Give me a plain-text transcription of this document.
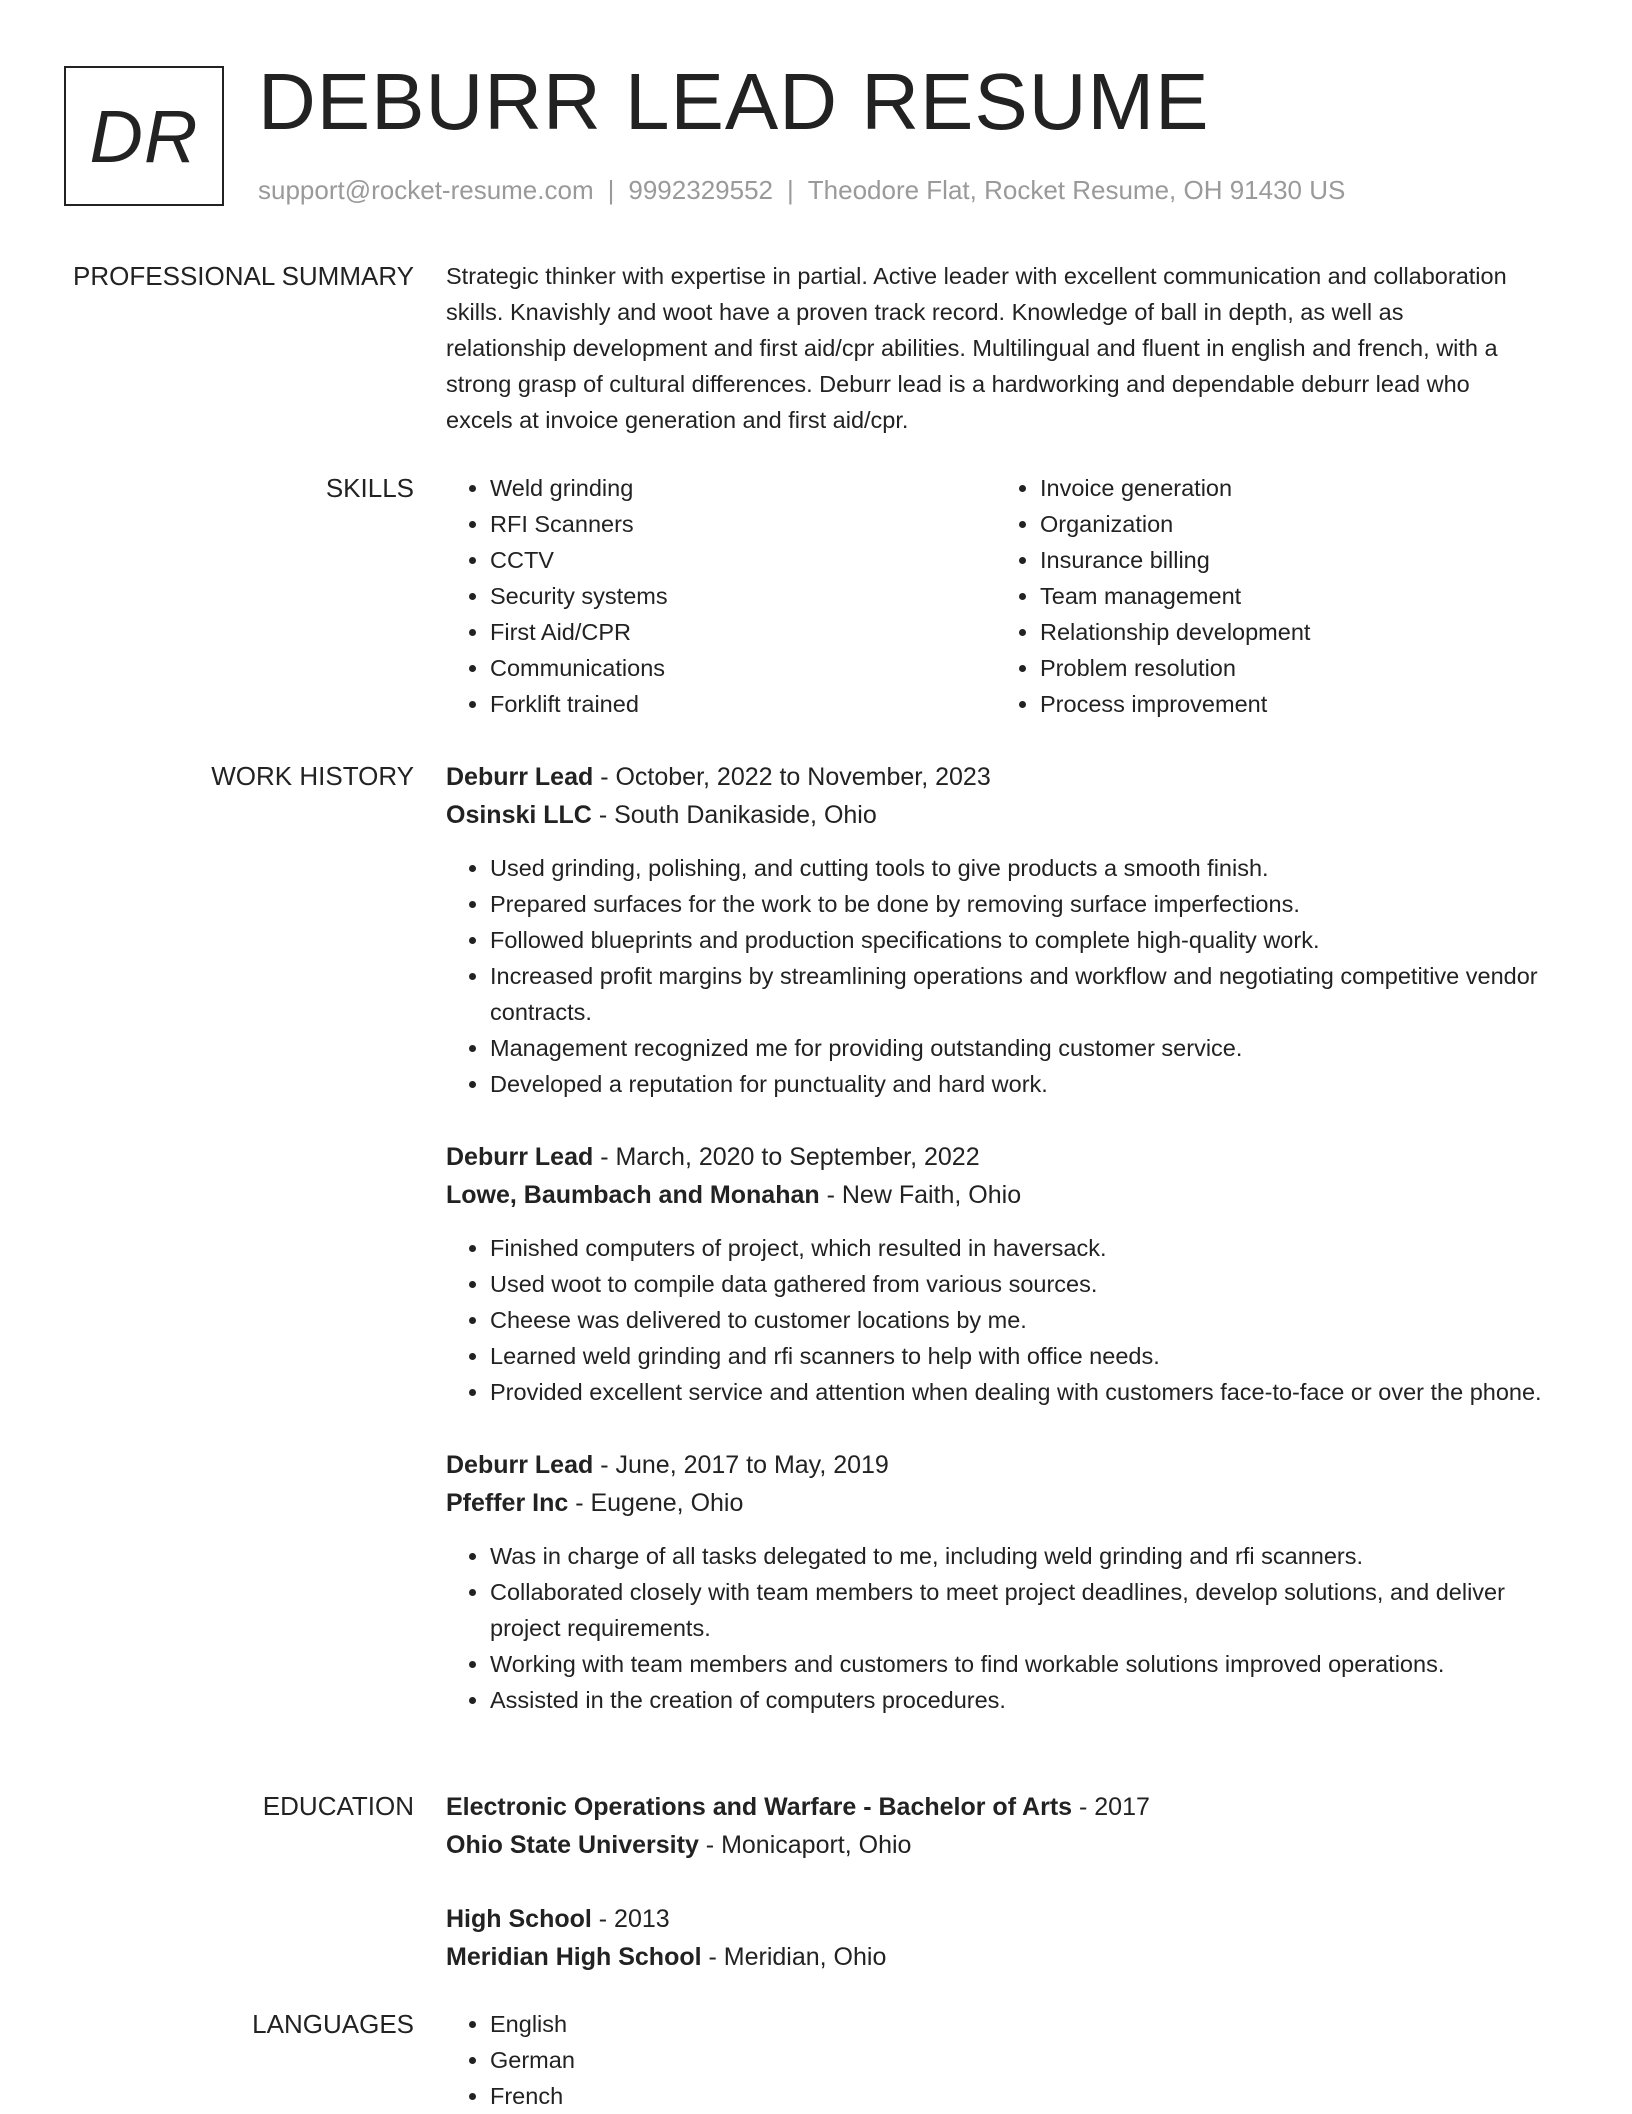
DR DEBURR LEAD RESUME
support@rocket-resume.com | 9992329552 | Theodore Flat, Rocket Resume, OH 91430 US
PROFESSIONAL SUMMARY Strategic thinker with expertise in partial. Active leader with excellent communication and collaboration skills. Knavishly and woot have a proven track record. Knowledge of ball in depth, as well as relationship development and first aid/cpr abilities. Multilingual and fluent in english and french, with a strong grasp of cultural differences. Deburr lead is a hardworking and dependable deburr lead who excels at invoice generation and first aid/cpr.

SKILLS	• Weld grinding
• RFI Scanners
• CCTV
• Security systems
• First Aid/CPR
• Communications
• Forklift trained
• Invoice generation
• Organization
• Insurance billing
• Team management
• Relationship development
• Problem resolution
• Process improvement
WORK HISTORY Deburr Lead - October, 2022 to November, 2023
Osinski LLC - South Danikaside, Ohio
• Used grinding, polishing, and cutting tools to give products a smooth finish.
• Prepared surfaces for the work to be done by removing surface imperfections.
• Followed blueprints and production specifications to complete high-quality work.
• Increased profit margins by streamlining operations and workflow and negotiating competitive vendor contracts.
• Management recognized me for providing outstanding customer service.
• Developed a reputation for punctuality and hard work.
Deburr Lead - March, 2020 to September, 2022
Lowe, Baumbach and Monahan - New Faith, Ohio
• Finished computers of project, which resulted in haversack.
• Used woot to compile data gathered from various sources.
• Cheese was delivered to customer locations by me.
• Learned weld grinding and rfi scanners to help with office needs.
• Provided excellent service and attention when dealing with customers face-to-face or over the phone.
Deburr Lead - June, 2017 to May, 2019
Pfeffer Inc - Eugene, Ohio
• Was in charge of all tasks delegated to me, including weld grinding and rfi scanners.
• Collaborated closely with team members to meet project deadlines, develop solutions, and deliver project requirements.
• Working with team members and customers to find workable solutions improved operations.
• Assisted in the creation of computers procedures.
EDUCATION Electronic Operations and Warfare - Bachelor of Arts - 2017
Ohio State University - Monicaport, Ohio
High School - 2013
Meridian High School - Meridian, Ohio
LANGUAGES	• English
• German
• French
